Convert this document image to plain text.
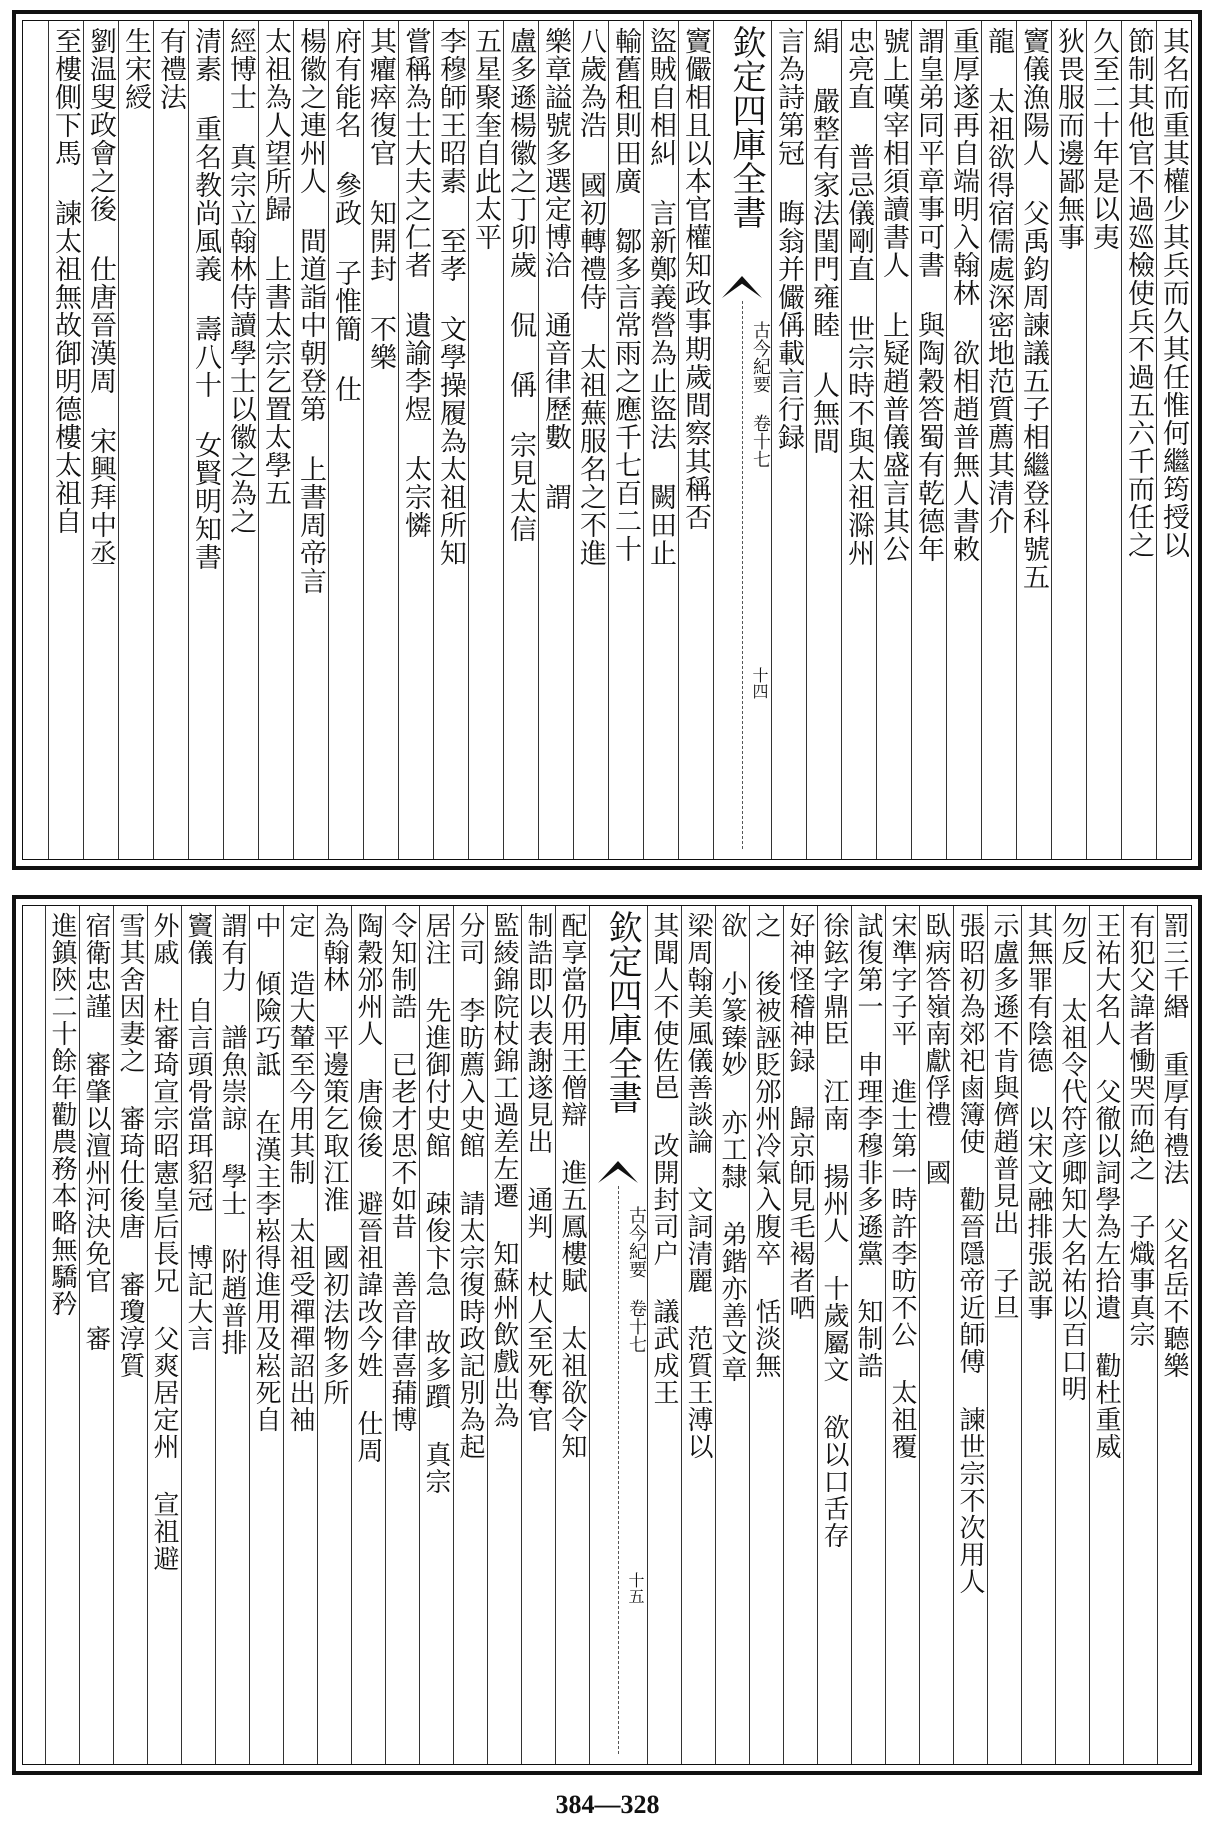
其名而重其權少其兵而久其任惟何繼筠授以
節制其他官不過廵檢使兵不過五六千而任之
久至二十年是以夷
狄畏服而邊鄙無事
竇儀漁陽人 父禹鈞周諫議五子相繼登科號五
龍 太祖欲得宿儒處深密地范質薦其清介
重厚遂再自端明入翰林 欲相趙普無人書敕
謂皇弟同平章事可書 與陶穀答蜀有乾德年
號上嘆宰相須讀書人 上疑趙普儀盛言其公
忠亮直 普忌儀剛直 世宗時不與太祖滁州
絹 嚴整有家法閨門雍睦 人無間
言為詩第冠 晦翁并儼偁載言行録
欽定四庫全書
古今紀要 卷十七
十四
竇儼相且以本官權知政事期歲間察其稱否
盜賊自相糾 言新鄭義營為止盜法 闕田止
輸舊租則田廣 鄒多言常雨之應千七百二十
八歲為浩 國初轉禮侍 太祖蕪服名之不進
樂章謚號多選定博洽 通音律歷數 謂
盧多遜楊徽之丁卯歲 侃 偁 宗見太信
五星聚奎自此太平
李穆師王昭素 至孝 文學操履為太祖所知
嘗稱為士大夫之仁者 遺諭李煜 太宗憐
其癯瘁復官 知開封 不樂
府有能名 參政 子惟簡 仕
楊徽之連州人 間道詣中朝登第 上書周帝言
太祖為人望所歸 上書太宗乞置太學五
經博士 真宗立翰林侍讀學士以徽之為之
清素 重名教尚風義 壽八十 女賢明知書
有禮法
生宋綬
劉温叟政會之後 仕唐晉漢周 宋興拜中丞
至樓側下馬 諫太祖無故御明德樓太祖自
罰三千緡 重厚有禮法 父名岳不聽樂
有犯父諱者慟哭而絶之 子熾事真宗
王祐大名人 父徹以詞學為左拾遺 勸杜重威
勿反 太祖令代符彦卿知大名祐以百口明
其無罪有陰德 以宋文融排張説事
示盧多遜不肯與儕趙普見出 子旦
張昭初為郊祀鹵簿使 勸晉隱帝近師傅 諫世宗不次用人
臥病答嶺南獻俘禮 國
宋準字子平 進士第一時許李昉不公 太祖覆
試復第一 申理李穆非多遜黨 知制誥
徐鉉字鼎臣 江南 揚州人 十歲屬文 欲以口舌存
好神怪稽神録 歸京師見毛褐者哂
之 後被誣貶邠州冷氣入腹卒 恬淡無
欲 小篆臻妙 亦工隸 弟鍇亦善文章
梁周翰美風儀善談論 文詞清麗 范質王溥以
其聞人不使佐邑 改開封司户 議武成王
欽定四庫全書
古今紀要 卷十七
十五
配享當仍用王僧辯 進五鳳樓賦 太祖欲令知
制誥即以表謝遂見出 通判 杖人至死奪官
監綾錦院杖錦工過差左遷 知蘇州飲戲出為
分司 李昉薦入史館 請太宗復時政記別為起
居注 先進御付史館 疎俊卞急 故多躓 真宗
令知制誥 已老才思不如昔 善音律喜蒱博
陶穀邠州人 唐儉後 避晉祖諱改今姓 仕周
為翰林 平邊策乞取江淮 國初法物多所
定 造大輦至今用其制 太祖受禪禪詔出袖
中 傾險巧詆 在漢主李崧得進用及崧死自
謂有力 譜魚崇諒 學士 附趙普排
竇儀 自言頭骨當珥貂冠 博記大言
外戚 杜審琦宣宗昭憲皇后長兄 父爽居定州 宣祖避
雪其舍因妻之 審琦仕後唐 審瓊淳質
宿衛忠謹 審肇以澶州河決免官 審
進鎮陝二十餘年勸農務本略無驕矜
384—328
